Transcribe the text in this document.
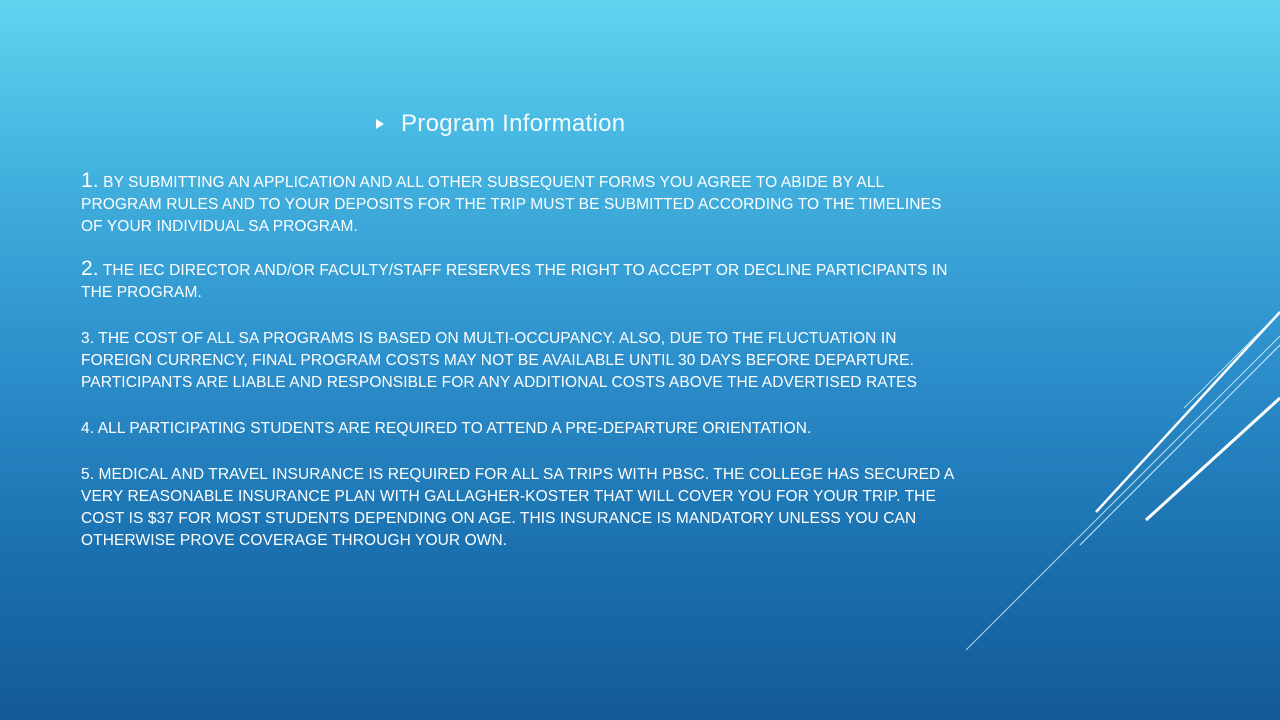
Program Information

1. BY SUBMITTING AN APPLICATION AND ALL OTHER SUBSEQUENT FORMS YOU AGREE TO ABIDE BY ALL PROGRAM RULES AND TO YOUR DEPOSITS FOR THE TRIP MUST BE SUBMITTED ACCORDING TO THE TIMELINES OF YOUR INDIVIDUAL SA PROGRAM.

2. THE IEC DIRECTOR AND/OR FACULTY/STAFF RESERVES THE RIGHT TO ACCEPT OR DECLINE PARTICIPANTS IN THE PROGRAM.

3. THE COST OF ALL SA PROGRAMS IS BASED ON MULTI-OCCUPANCY. ALSO, DUE TO THE FLUCTUATION IN FOREIGN CURRENCY, FINAL PROGRAM COSTS MAY NOT BE AVAILABLE UNTIL 30 DAYS BEFORE DEPARTURE. PARTICIPANTS ARE LIABLE AND RESPONSIBLE FOR ANY ADDITIONAL COSTS ABOVE THE ADVERTISED RATES

4. ALL PARTICIPATING STUDENTS ARE REQUIRED TO ATTEND A PRE-DEPARTURE ORIENTATION.

5. MEDICAL AND TRAVEL INSURANCE IS REQUIRED FOR ALL SA TRIPS WITH PBSC. THE COLLEGE HAS SECURED A VERY REASONABLE INSURANCE PLAN WITH GALLAGHER-KOSTER THAT WILL COVER YOU FOR YOUR TRIP. THE COST IS $37 FOR MOST STUDENTS DEPENDING ON AGE. THIS INSURANCE IS MANDATORY UNLESS YOU CAN OTHERWISE PROVE COVERAGE THROUGH YOUR OWN.
